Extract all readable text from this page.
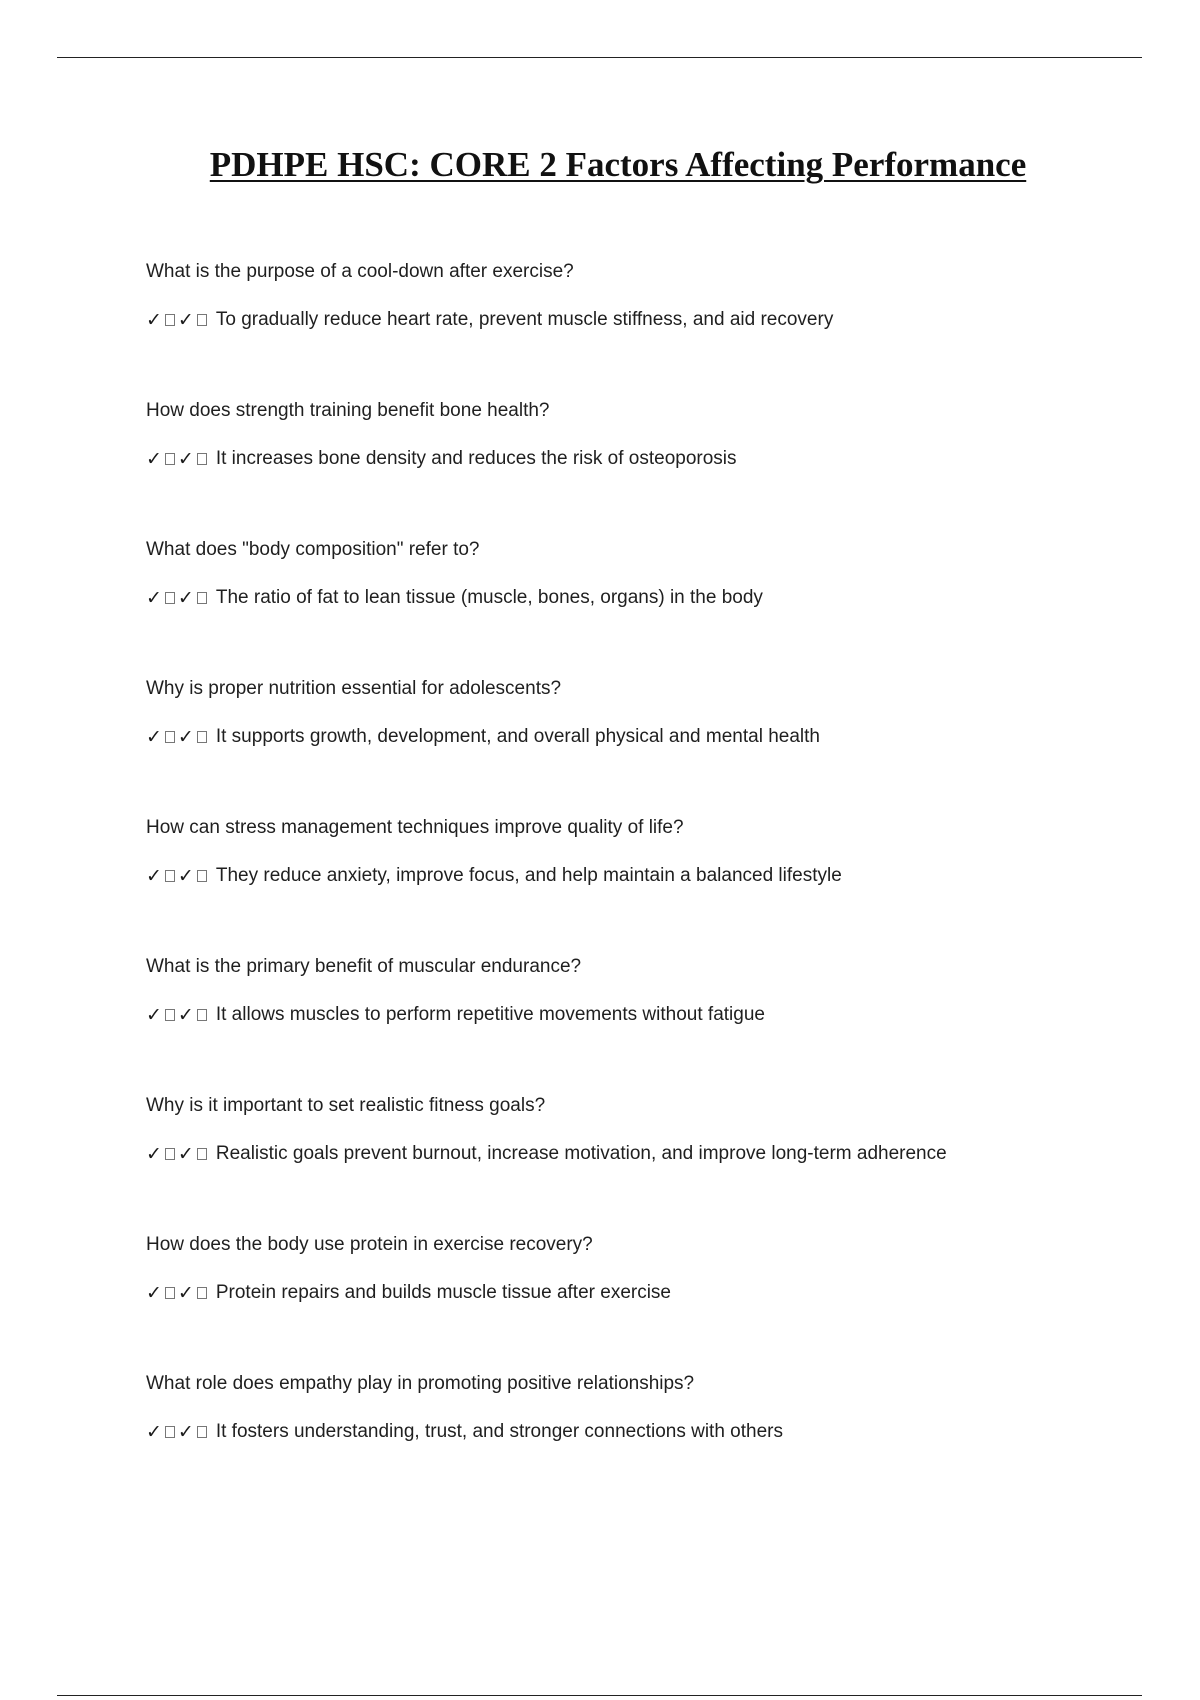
PDHPE HSC: CORE 2 Factors Affecting Performance
What is the purpose of a cool-down after exercise?
✓ ✓ To gradually reduce heart rate, prevent muscle stiffness, and aid recovery
How does strength training benefit bone health?
✓ ✓ It increases bone density and reduces the risk of osteoporosis
What does "body composition" refer to?
✓ ✓ The ratio of fat to lean tissue (muscle, bones, organs) in the body
Why is proper nutrition essential for adolescents?
✓ ✓ It supports growth, development, and overall physical and mental health
How can stress management techniques improve quality of life?
✓ ✓ They reduce anxiety, improve focus, and help maintain a balanced lifestyle
What is the primary benefit of muscular endurance?
✓ ✓ It allows muscles to perform repetitive movements without fatigue
Why is it important to set realistic fitness goals?
✓ ✓ Realistic goals prevent burnout, increase motivation, and improve long-term adherence
How does the body use protein in exercise recovery?
✓ ✓ Protein repairs and builds muscle tissue after exercise
What role does empathy play in promoting positive relationships?
✓ ✓ It fosters understanding, trust, and stronger connections with others
